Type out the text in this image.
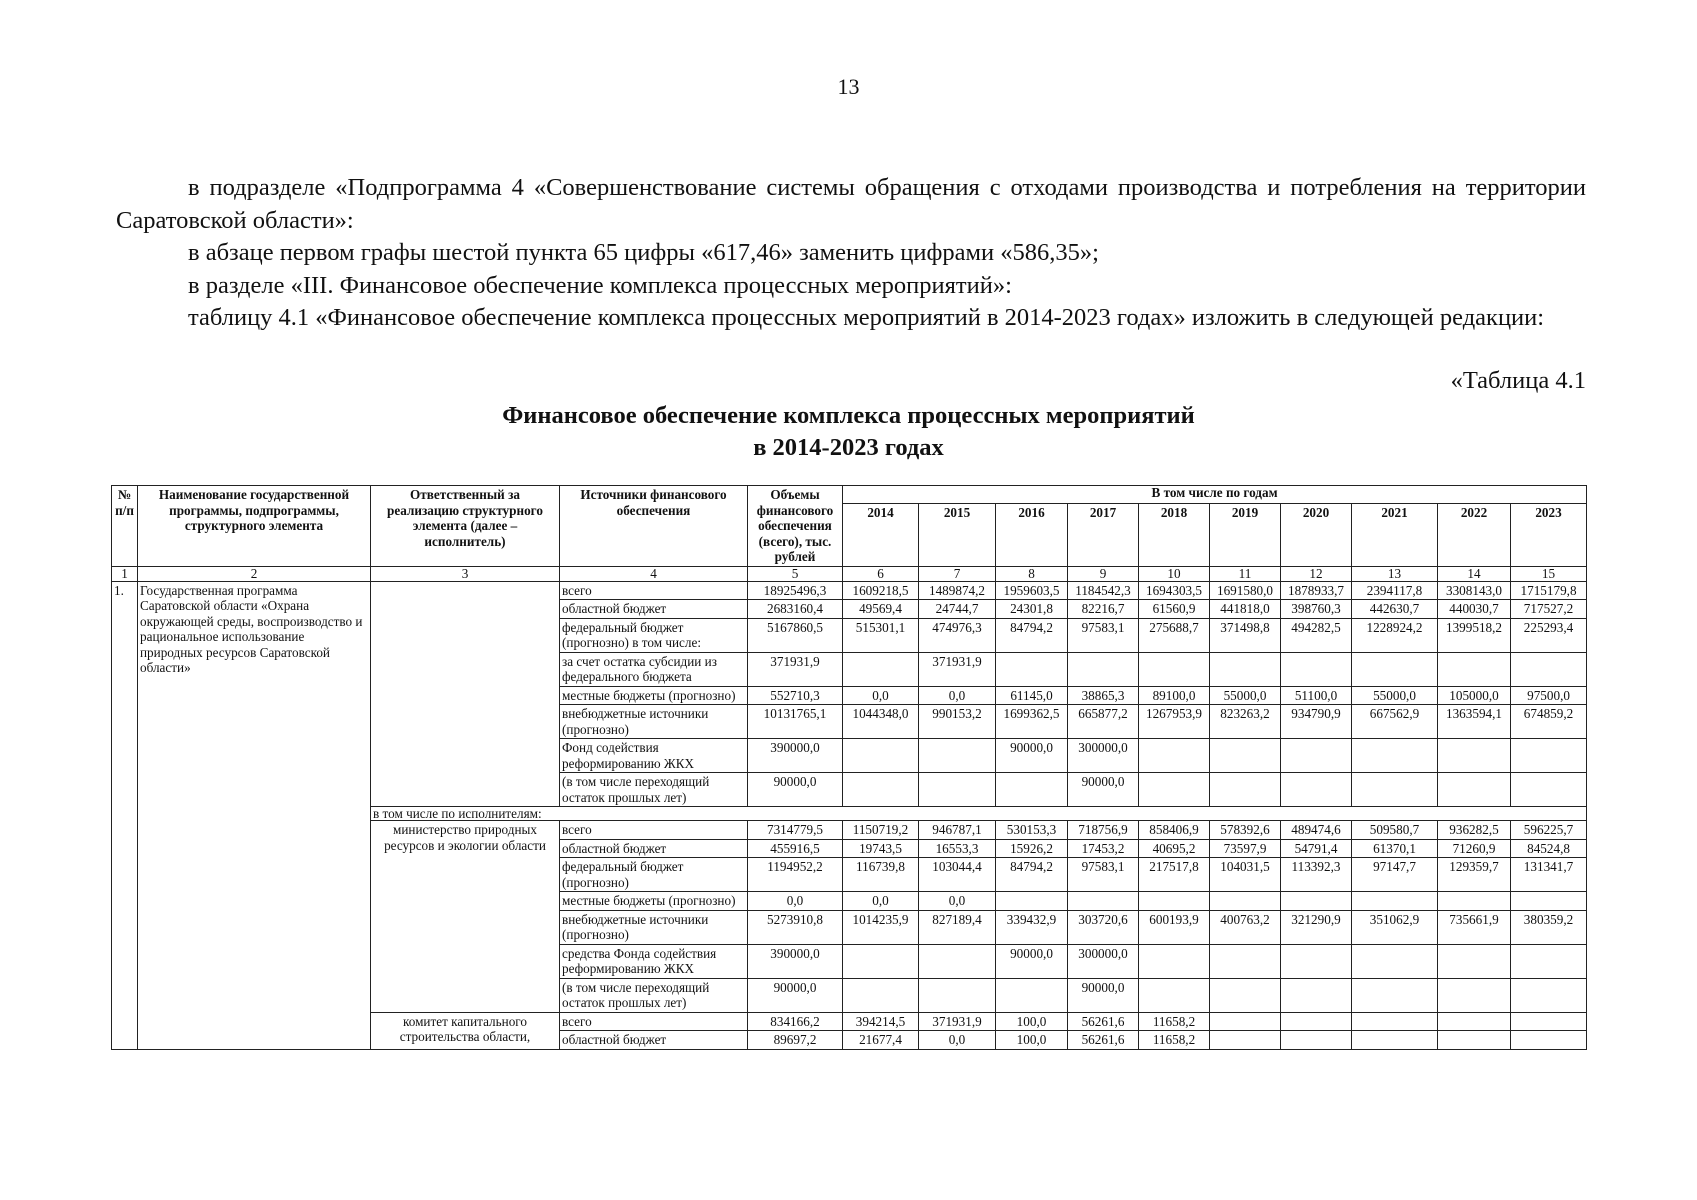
13

в подразделе «Подпрограмма 4 «Совершенствование системы обращения с отходами производства и потребления на территории Саратовской области»:

в абзаце первом графы шестой пункта 65 цифры «617,46» заменить цифрами «586,35»;

в разделе «III. Финансовое обеспечение комплекса процессных мероприятий»:

таблицу 4.1 «Финансовое обеспечение комплекса процессных мероприятий в 2014-2023 годах» изложить в следующей редакции:

«Таблица 4.1
Финансовое обеспечение комплекса процессных мероприятий
в 2014-2023 годах
№ п/п	Наименование государственной программы, подпрограммы, структурного элемента	Ответственный за реализацию структурного элемента (далее – исполнитель)	Источники финансового обеспечения	Объемы финансового обеспечения (всего), тыс. рублей	В том числе по годам									
					2014	2015	2016	2017	2018	2019	2020	2021	2022	2023
1	2	3	4	5	6	7	8	9	10	11	12	13	14	15
1.	Государственная программа Саратовской области «Охрана окружающей среды, воспроизводство и рациональное использование природных ресурсов Саратовской области»		всего	18925496,3	1609218,5	1489874,2	1959603,5	1184542,3	1694303,5	1691580,0	1878933,7	2394117,8	3308143,0	1715179,8
			областной бюджет	2683160,4	49569,4	24744,7	24301,8	82216,7	61560,9	441818,0	398760,3	442630,7	440030,7	717527,2
			федеральный бюджет (прогнозно) в том числе:	5167860,5	515301,1	474976,3	84794,2	97583,1	275688,7	371498,8	494282,5	1228924,2	1399518,2	225293,4
			за счет остатка субсидии из федерального бюджета	371931,9		371931,9								
			местные бюджеты (прогнозно)	552710,3	0,0	0,0	61145,0	38865,3	89100,0	55000,0	51100,0	55000,0	105000,0	97500,0
			внебюджетные источники (прогнозно)	10131765,1	1044348,0	990153,2	1699362,5	665877,2	1267953,9	823263,2	934790,9	667562,9	1363594,1	674859,2
			Фонд содействия реформированию ЖКХ	390000,0			90000,0	300000,0						
			(в том числе переходящий остаток прошлых лет)	90000,0				90000,0						
		в том числе по исполнителям:												
		министерство природных ресурсов и экологии области	всего	7314779,5	1150719,2	946787,1	530153,3	718756,9	858406,9	578392,6	489474,6	509580,7	936282,5	596225,7
			областной бюджет	455916,5	19743,5	16553,3	15926,2	17453,2	40695,2	73597,9	54791,4	61370,1	71260,9	84524,8
			федеральный бюджет (прогнозно)	1194952,2	116739,8	103044,4	84794,2	97583,1	217517,8	104031,5	113392,3	97147,7	129359,7	131341,7
			местные бюджеты (прогнозно)	0,0	0,0	0,0								
			внебюджетные источники (прогнозно)	5273910,8	1014235,9	827189,4	339432,9	303720,6	600193,9	400763,2	321290,9	351062,9	735661,9	380359,2
			средства Фонда содействия реформированию ЖКХ	390000,0			90000,0	300000,0						
			(в том числе переходящий остаток прошлых лет)	90000,0				90000,0						
		комитет капитального строительства области,	всего	834166,2	394214,5	371931,9	100,0	56261,6	11658,2					
			областной бюджет	89697,2	21677,4	0,0	100,0	56261,6	11658,2					
